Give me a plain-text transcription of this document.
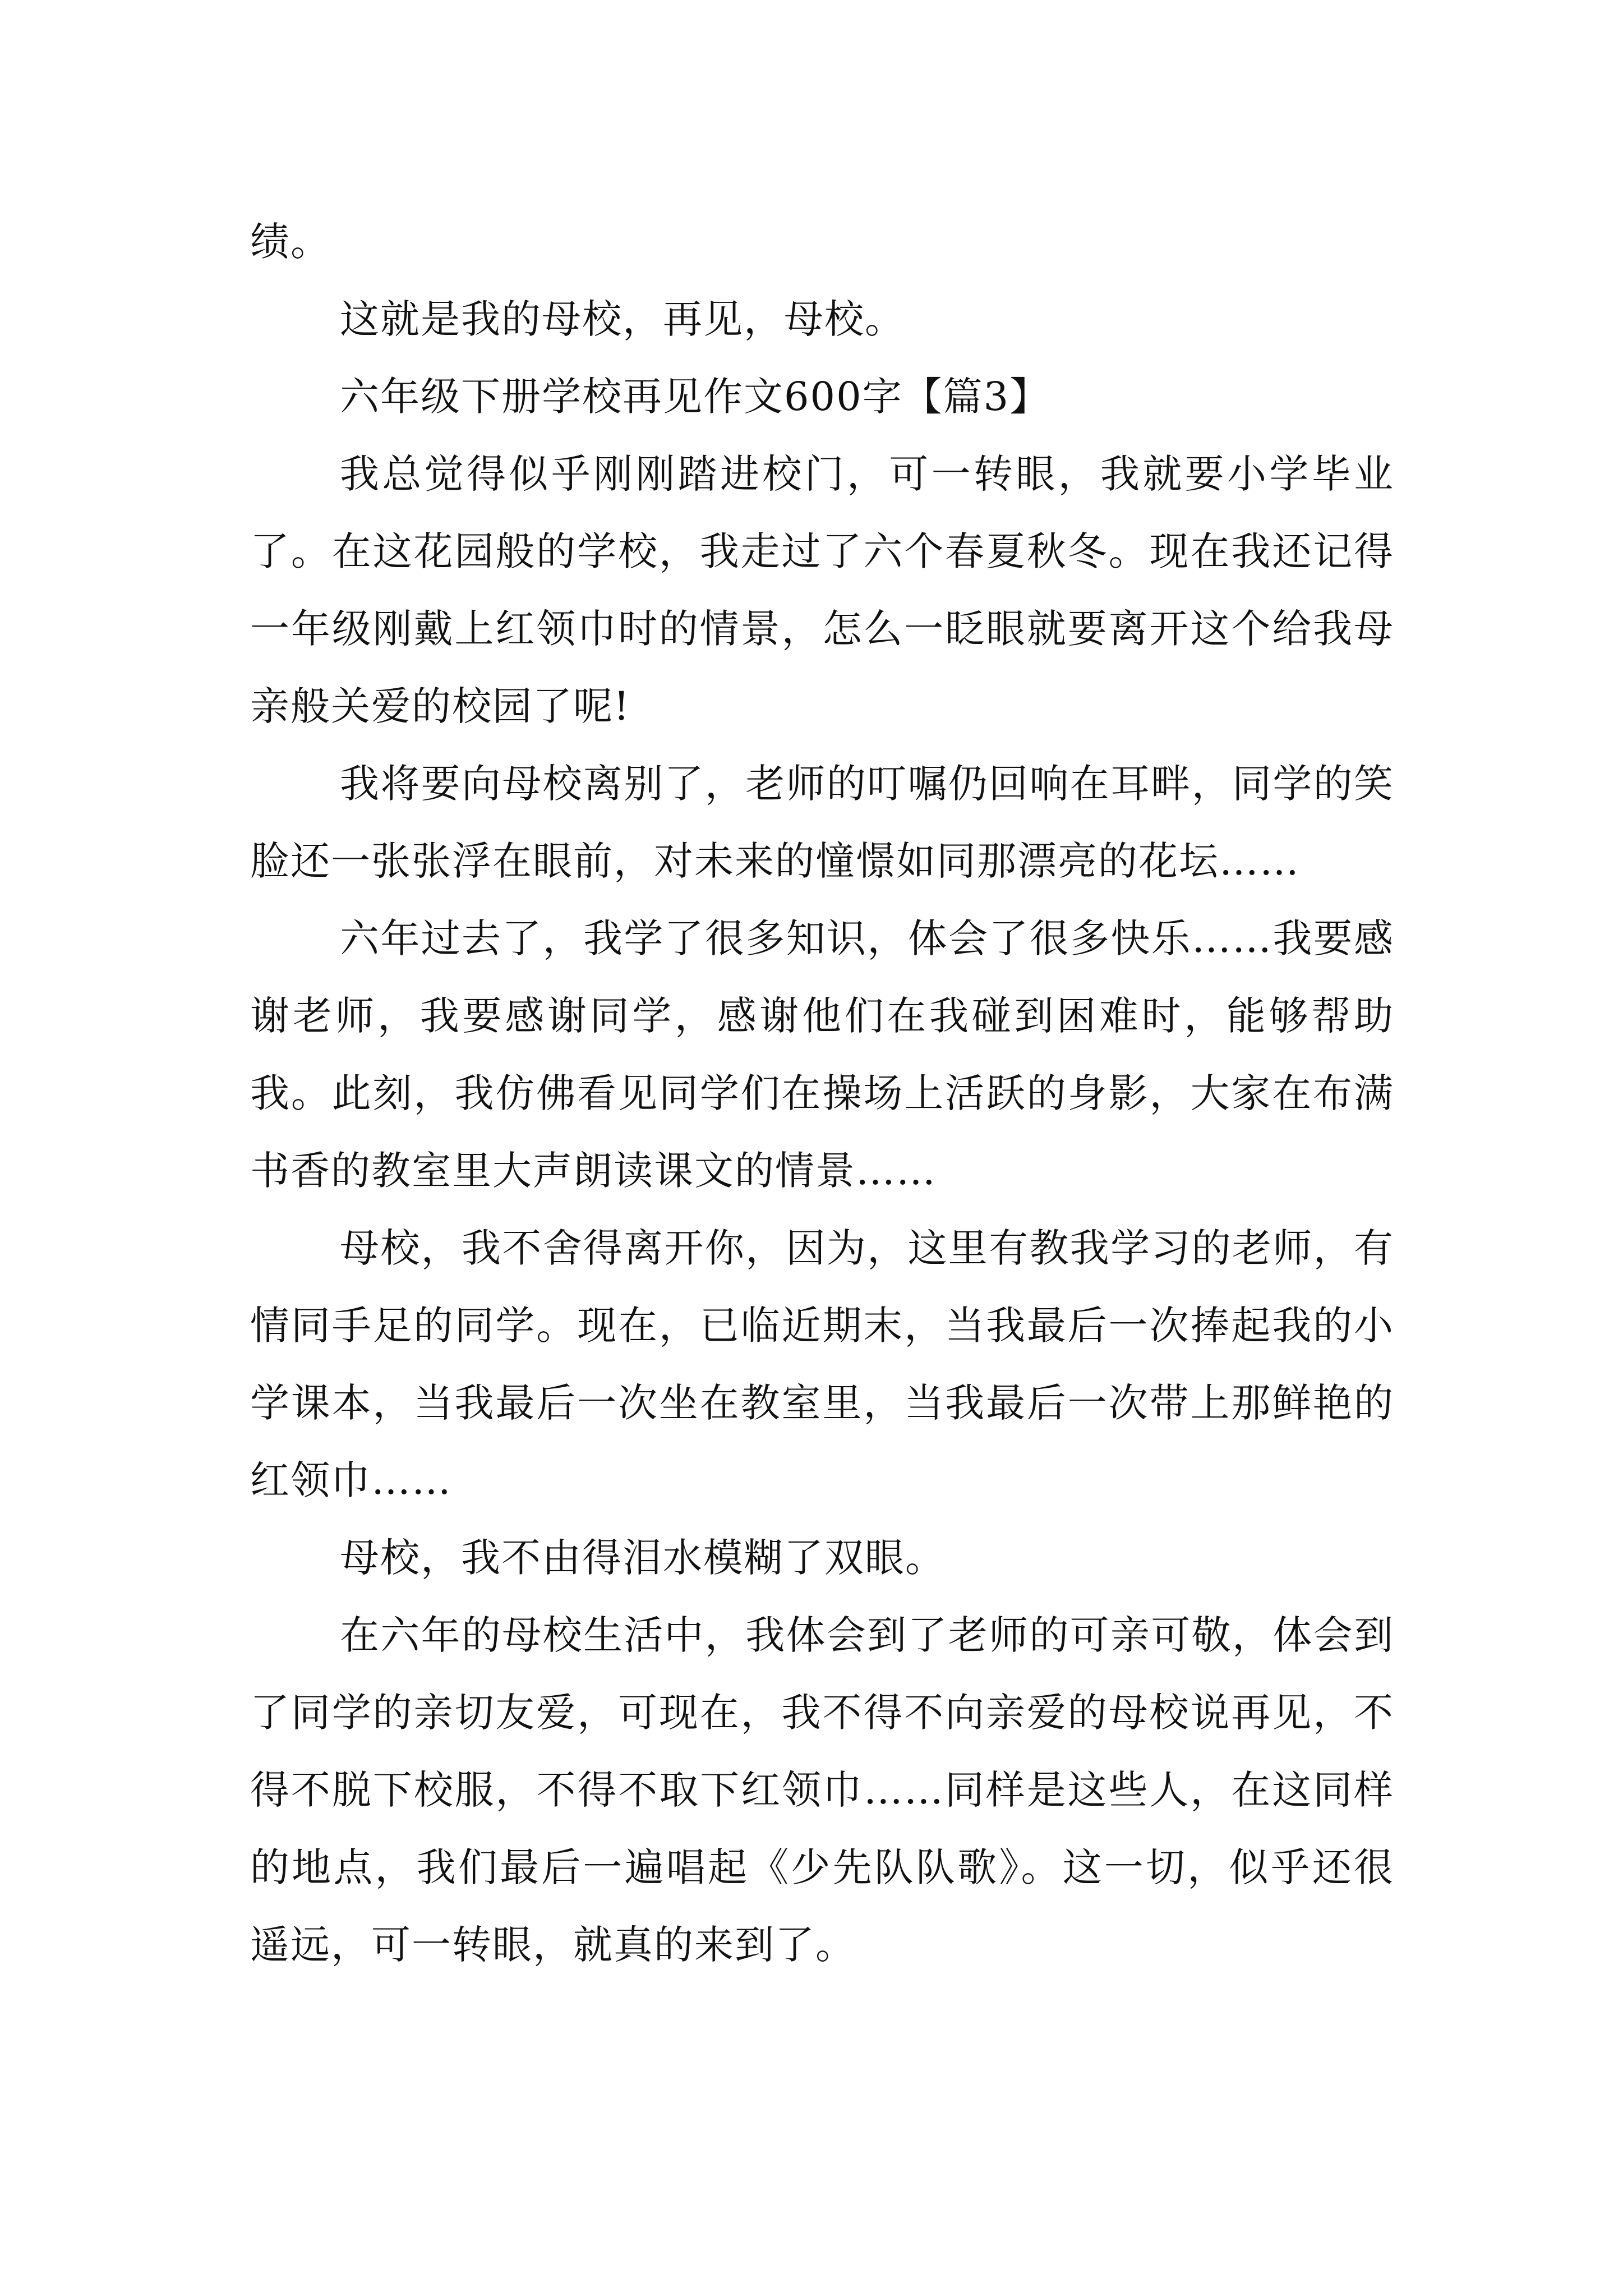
绩。

这就是我的母校，再见，母校。

六年级下册学校再见作文600字【篇3】

我总觉得似乎刚刚踏进校门，可一转眼，我就要小学毕业了。在这花园般的学校，我走过了六个春夏秋冬。现在我还记得一年级刚戴上红领巾时的情景，怎么一眨眼就要离开这个给我母亲般关爱的校园了呢!

我将要向母校离别了，老师的叮嘱仍回响在耳畔，同学的笑脸还一张张浮在眼前，对未来的憧憬如同那漂亮的花坛……

六年过去了，我学了很多知识，体会了很多快乐……我要感谢老师，我要感谢同学，感谢他们在我碰到困难时，能够帮助我。此刻，我仿佛看见同学们在操场上活跃的身影，大家在布满书香的教室里大声朗读课文的情景……

母校，我不舍得离开你，因为，这里有教我学习的老师，有情同手足的同学。现在，已临近期末，当我最后一次捧起我的小学课本，当我最后一次坐在教室里，当我最后一次带上那鲜艳的红领巾……

母校，我不由得泪水模糊了双眼。

在六年的母校生活中，我体会到了老师的可亲可敬，体会到了同学的亲切友爱，可现在，我不得不向亲爱的母校说再见，不得不脱下校服，不得不取下红领巾……同样是这些人，在这同样的地点，我们最后一遍唱起《少先队队歌》。这一切，似乎还很遥远，可一转眼，就真的来到了。
